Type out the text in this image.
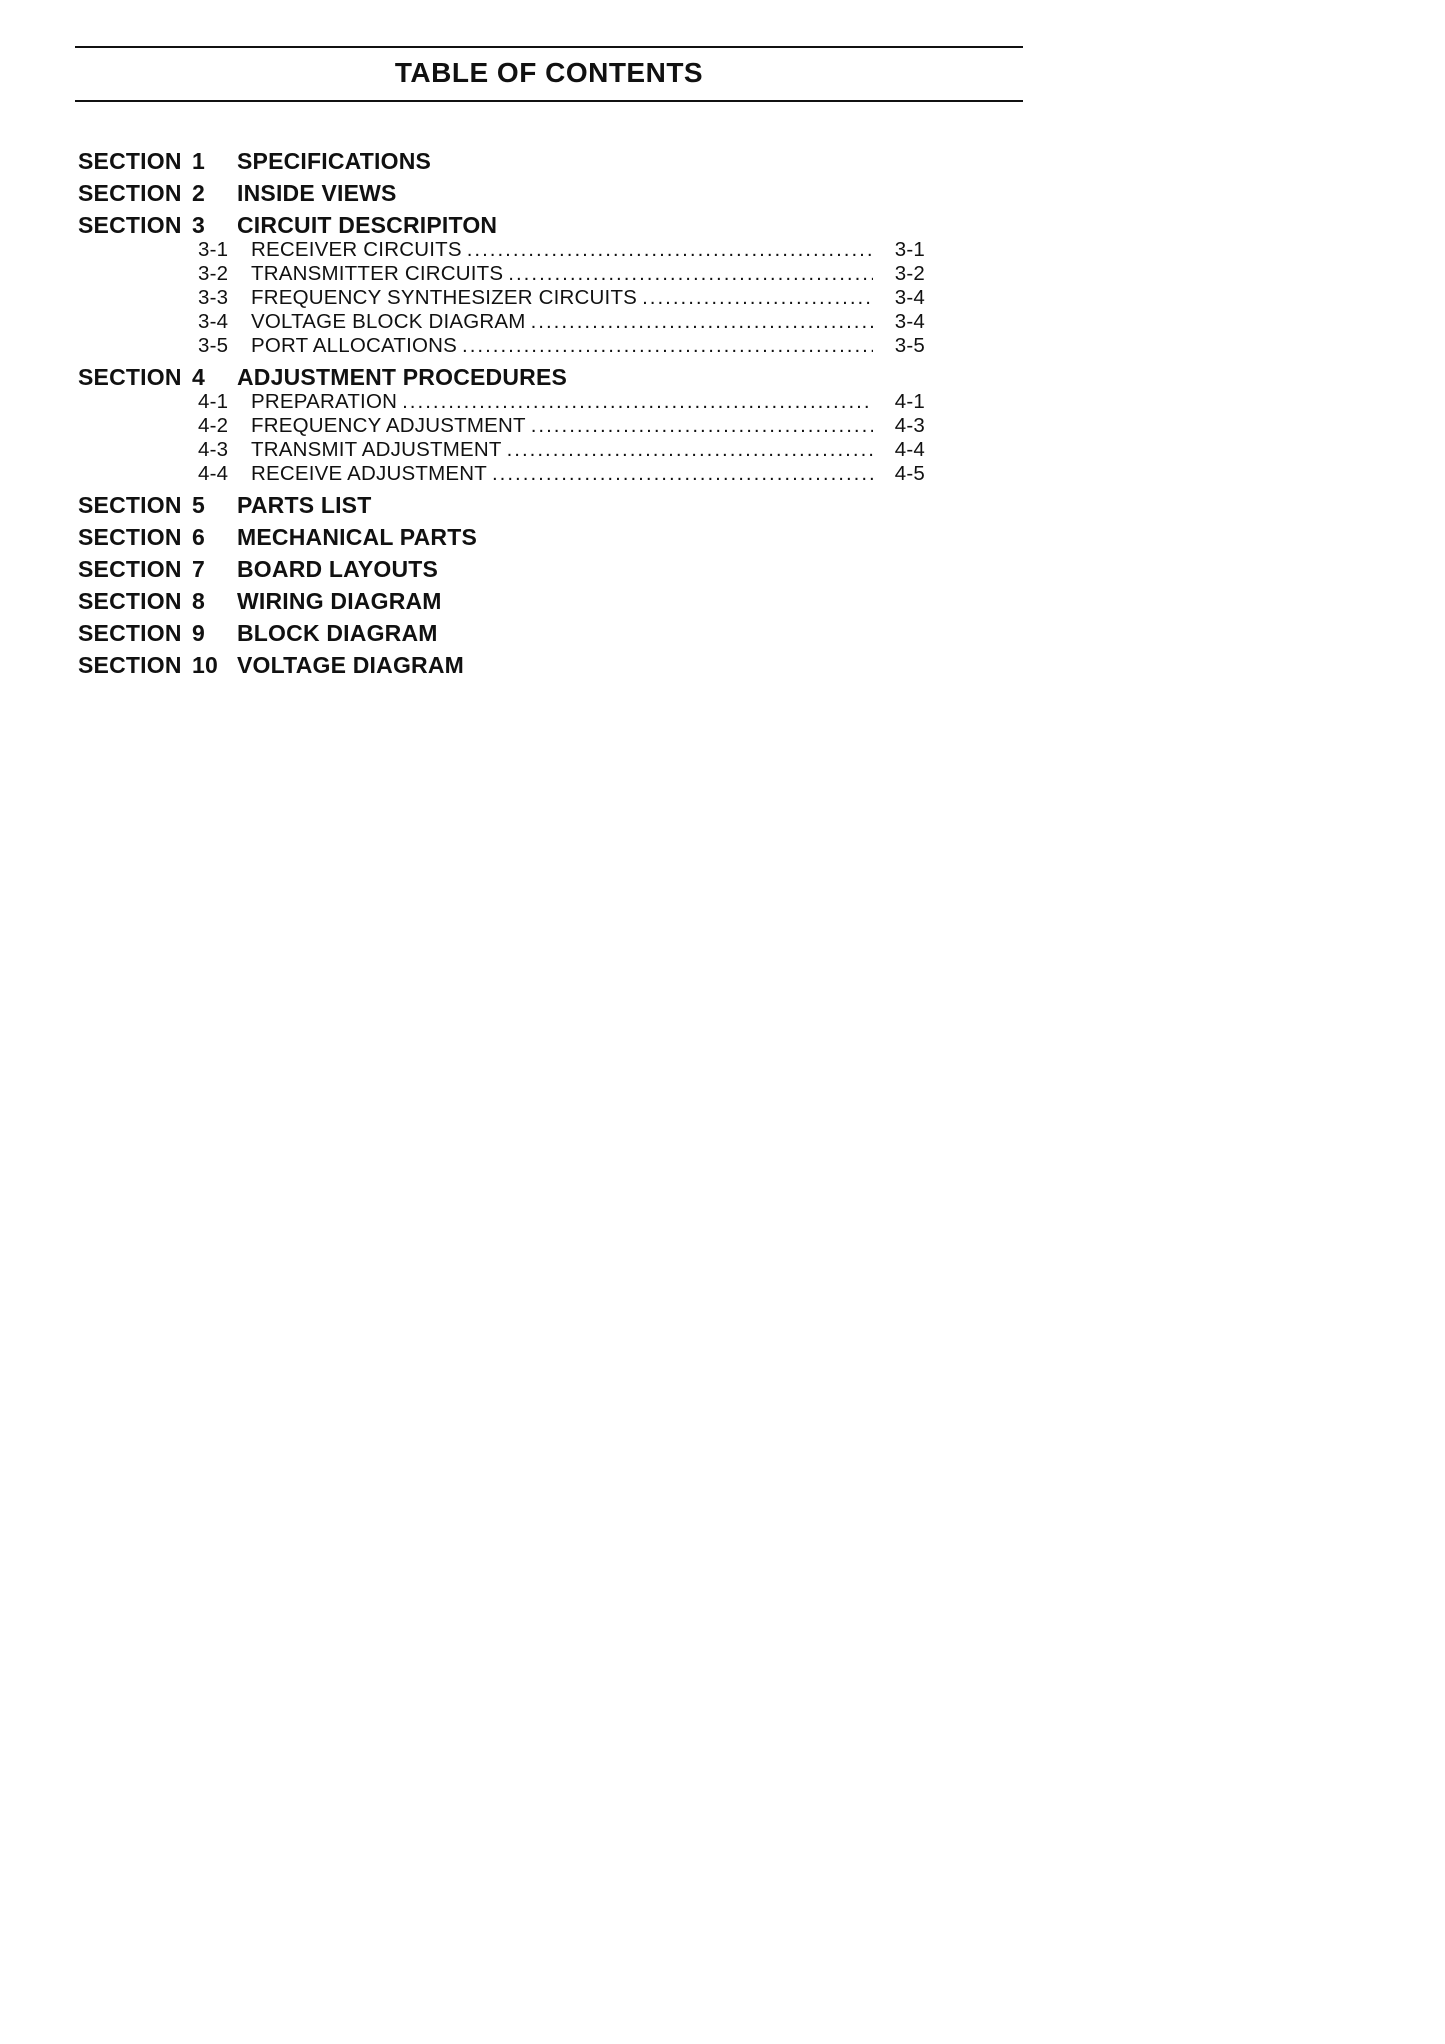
TABLE OF CONTENTS
SECTION 1	SPECIFICATIONS
SECTION 2	INSIDE VIEWS
SECTION 3	CIRCUIT DESCRIPITON
3-1	RECEIVER CIRCUITS .....	3-1
3-2	TRANSMITTER CIRCUITS .....	3-2
3-3	FREQUENCY SYNTHESIZER CIRCUITS .....	3-4
3-4	VOLTAGE BLOCK DIAGRAM .....	3-4
3-5	PORT ALLOCATIONS .....	3-5
SECTION 4	ADJUSTMENT PROCEDURES
4-1	PREPARATION .....	4-1
4-2	FREQUENCY ADJUSTMENT .....	4-3
4-3	TRANSMIT ADJUSTMENT .....	4-4
4-4	RECEIVE ADJUSTMENT .....	4-5
SECTION 5	PARTS LIST
SECTION 6	MECHANICAL PARTS
SECTION 7	BOARD LAYOUTS
SECTION 8	WIRING DIAGRAM
SECTION 9	BLOCK DIAGRAM
SECTION 10 VOLTAGE DIAGRAM
